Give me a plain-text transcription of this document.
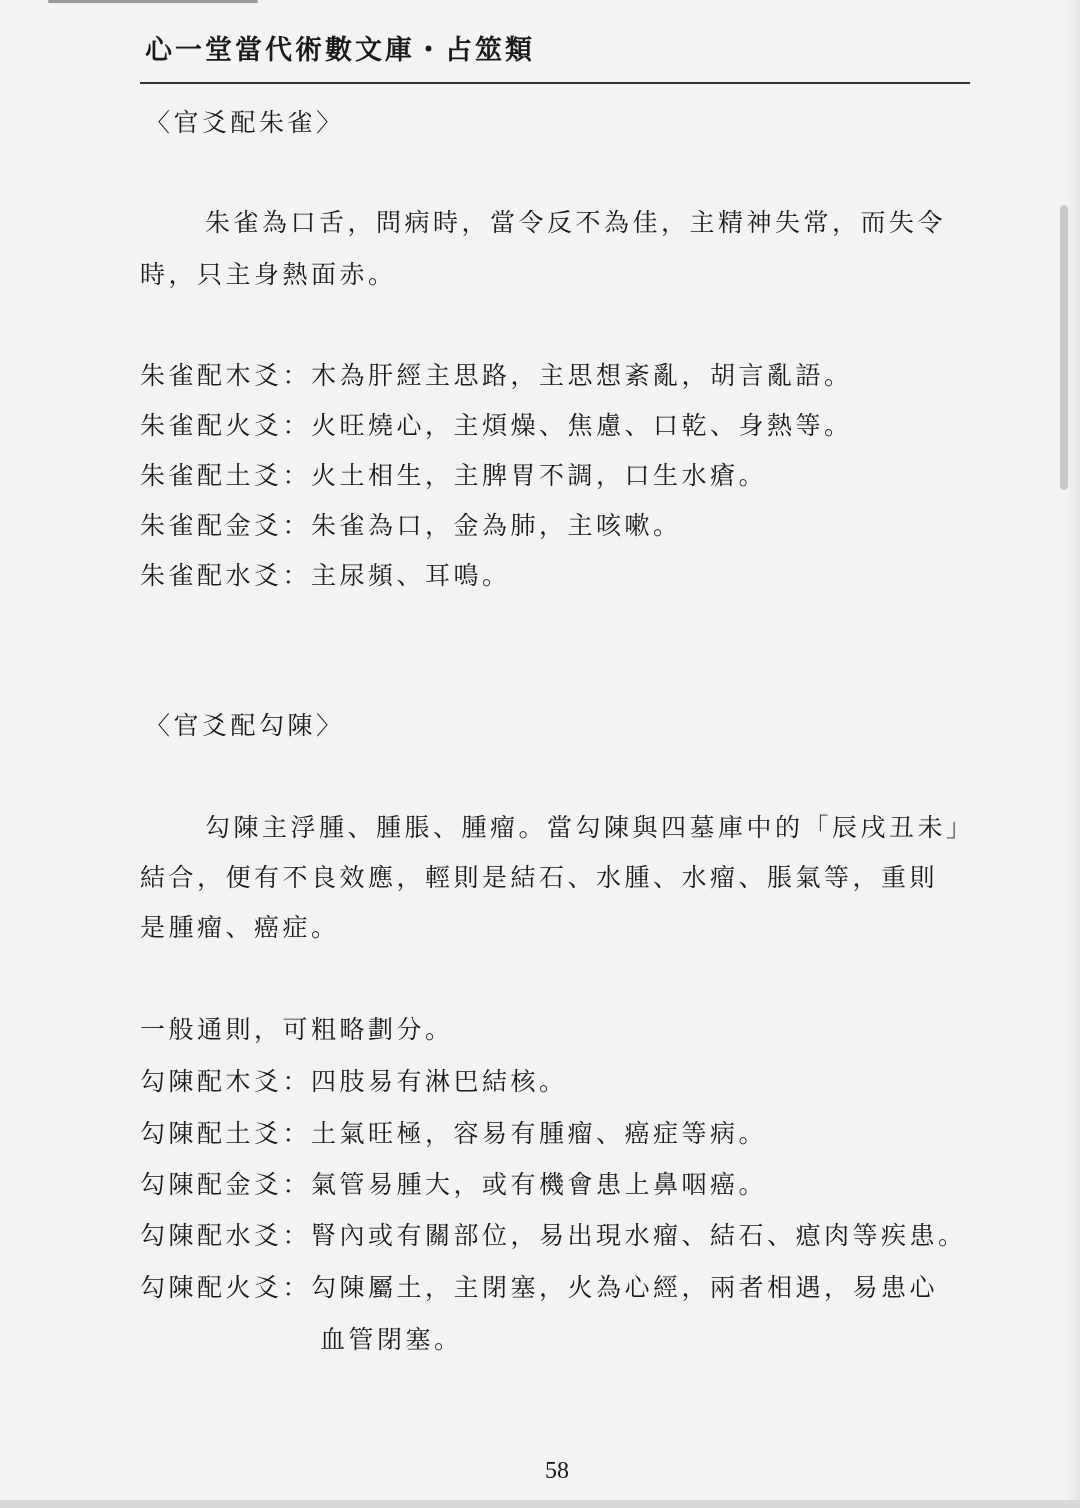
心一堂當代術數文庫・占筮類
〈官爻配朱雀〉
朱雀為口舌，問病時，當令反不為佳，主精神失常，而失令
時，只主身熱面赤。
朱雀配木爻：木為肝經主思路，主思想紊亂，胡言亂語。
朱雀配火爻：火旺燒心，主煩燥、焦慮、口乾、身熱等。
朱雀配土爻：火土相生，主脾胃不調，口生水瘡。
朱雀配金爻：朱雀為口，金為肺，主咳嗽。
朱雀配水爻：主尿頻、耳鳴。
〈官爻配勾陳〉
勾陳主浮腫、腫脹、腫瘤。當勾陳與四墓庫中的「辰戌丑未」
結合，便有不良效應，輕則是結石、水腫、水瘤、脹氣等，重則
是腫瘤、癌症。
一般通則，可粗略劃分。
勾陳配木爻：四肢易有淋巴結核。
勾陳配土爻：土氣旺極，容易有腫瘤、癌症等病。
勾陳配金爻：氣管易腫大，或有機會患上鼻咽癌。
勾陳配水爻：腎內或有關部位，易出現水瘤、結石、瘜肉等疾患。
勾陳配火爻：勾陳屬土，主閉塞，火為心經，兩者相遇，易患心
血管閉塞。
58
